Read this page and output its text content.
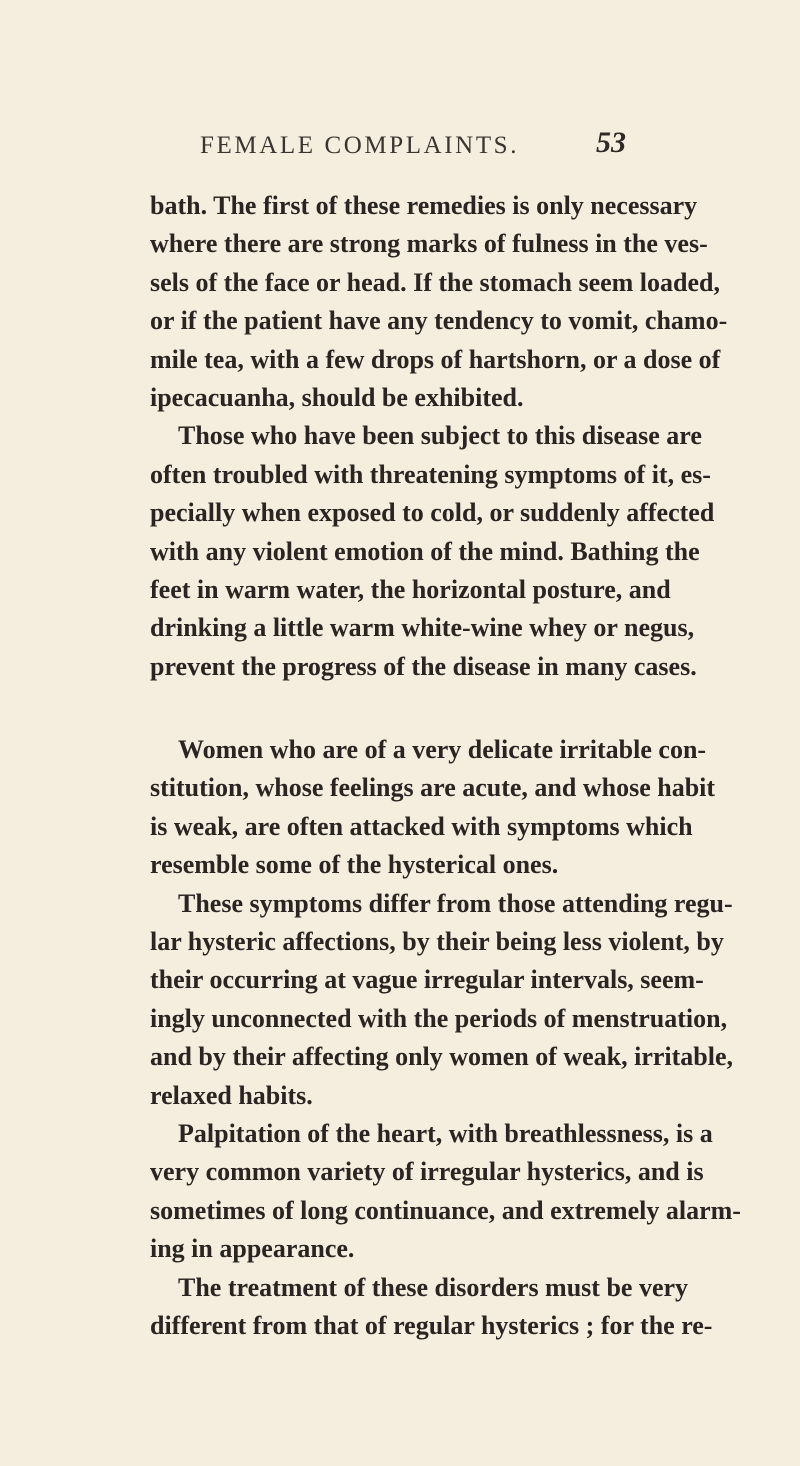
FEMALE COMPLAINTS.	53
bath. The first of these remedies is only necessary
where there are strong marks of fulness in the ves-
sels of the face or head. If the stomach seem loaded,
or if the patient have any tendency to vomit, chamo-
mile tea, with a few drops of hartshorn, or a dose of
ipecacuanha, should be exhibited.
Those who have been subject to this disease are
often troubled with threatening symptoms of it, es-
pecially when exposed to cold, or suddenly affected
with any violent emotion of the mind. Bathing the
feet in warm water, the horizontal posture, and
drinking a little warm white-wine whey or negus,
prevent the progress of the disease in many cases.
Women who are of a very delicate irritable con-
stitution, whose feelings are acute, and whose habit
is weak, are often attacked with symptoms which
resemble some of the hysterical ones.
These symptoms differ from those attending regu-
lar hysteric affections, by their being less violent, by
their occurring at vague irregular intervals, seem-
ingly unconnected with the periods of menstruation,
and by their affecting only women of weak, irritable,
relaxed habits.
Palpitation of the heart, with breathlessness, is a
very common variety of irregular hysterics, and is
sometimes of long continuance, and extremely alarm-
ing in appearance.
The treatment of these disorders must be very
different from that of regular hysterics ; for the re-
